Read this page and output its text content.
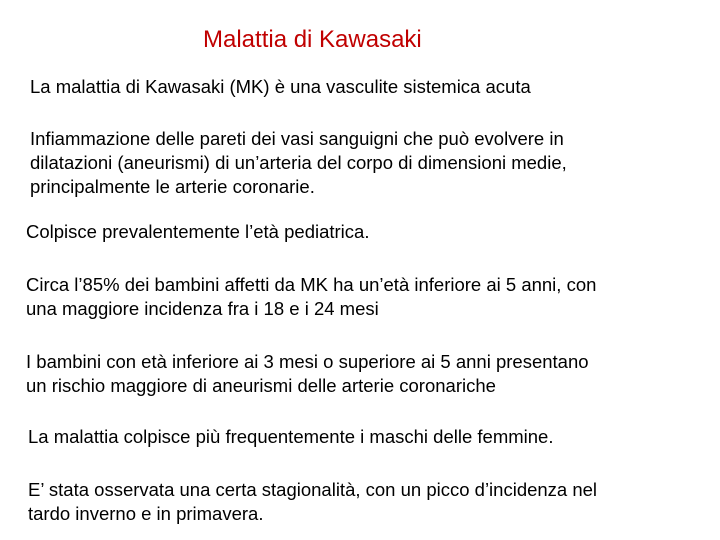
Malattia di Kawasaki
La malattia di Kawasaki (MK) è una vasculite sistemica acuta
Infiammazione delle pareti dei vasi sanguigni che può evolvere in
dilatazioni (aneurismi) di un’arteria del corpo di dimensioni medie,
principalmente le arterie coronarie.
Colpisce prevalentemente l’età pediatrica.
Circa l’85% dei bambini affetti da MK ha un’età inferiore ai 5 anni, con
una maggiore incidenza fra i 18 e i 24 mesi
I bambini con età inferiore ai 3 mesi o superiore ai 5 anni presentano
un rischio maggiore di aneurismi delle arterie coronariche
La malattia colpisce più frequentemente i maschi delle femmine.
E’ stata osservata una certa stagionalità, con un picco d’incidenza nel
tardo inverno e in primavera.
